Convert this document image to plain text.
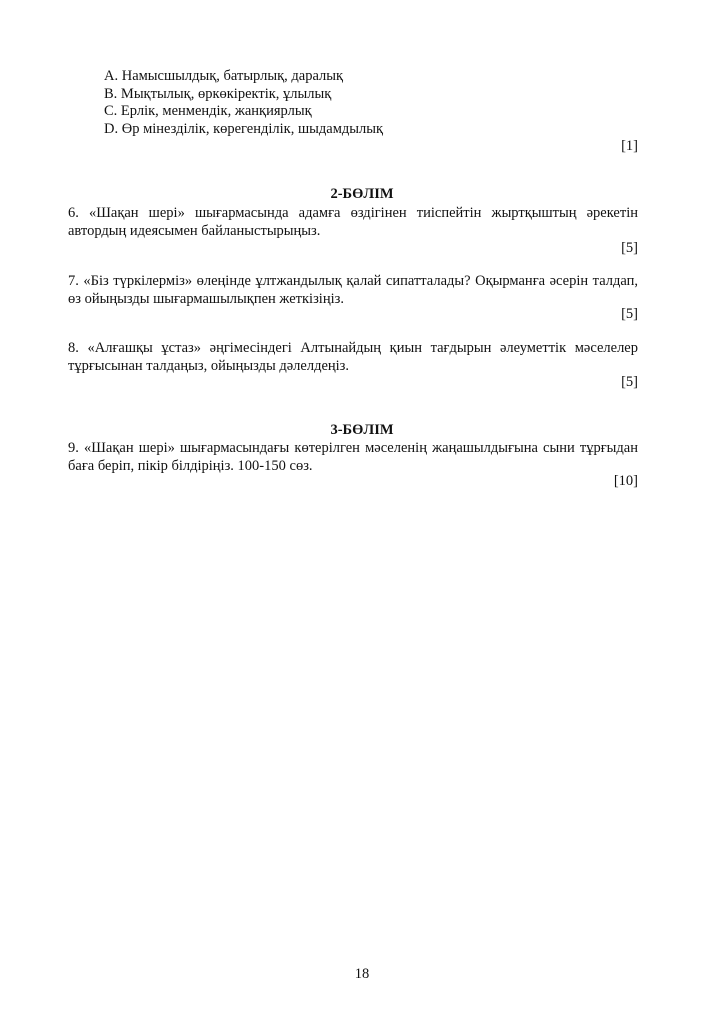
A. Намысшылдық, батырлық, даралық
B. Мықтылық, өркөкіректік, ұлылық
C. Ерлік, менмендік, жанқиярлық
D. Өр мінезділік, көрегенділік, шыдамдылық
[1]
2-БӨЛІМ
6. «Шақан шері» шығармасында адамға өздігінен тиіспейтін жыртқыштың әрекетін
автордың идеясымен байланыстырыңыз.
[5]
7. «Біз түркілерміз» өлеңінде ұлтжандылық қалай сипатталады? Оқырманға әсерін талдап,
өз ойыңызды шығармашылықпен жеткізіңіз.
[5]
8. «Алғашқы ұстаз» әңгімесіндегі Алтынайдың қиын тағдырын әлеуметтік мәселелер
тұрғысынан талдаңыз, ойыңызды дәлелдеңіз.
[5]
3-БӨЛІМ
9. «Шақан шері» шығармасындағы көтерілген мәселенің жаңашылдығына сыни тұрғыдан
баға беріп, пікір білдіріңіз. 100-150 сөз.
[10]
18
